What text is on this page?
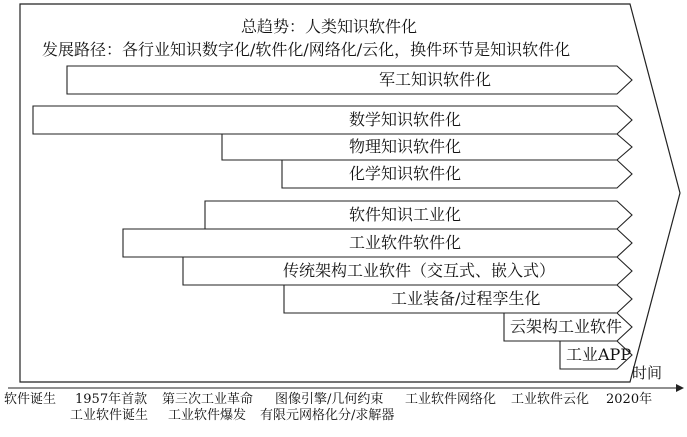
总趋势：人类知识软件化
发展路径：各行业知识数字化/软件化/网络化/云化，换件环节是知识软件化
军工知识软件化
数学知识软件化
物理知识软件化
化学知识软件化
软件知识工业化
工业软件软件化
传统架构工业软件（交互式、嵌入式）
工业装备/过程孪生化
云架构工业软件
工业APP
时间
软件诞生 1957年首款 第三次工业革命 图像引擎/几何约束 工业软件网络化 工业软件云化 2020年
工业软件诞生 工业软件爆发 有限元网格化分/求解器
